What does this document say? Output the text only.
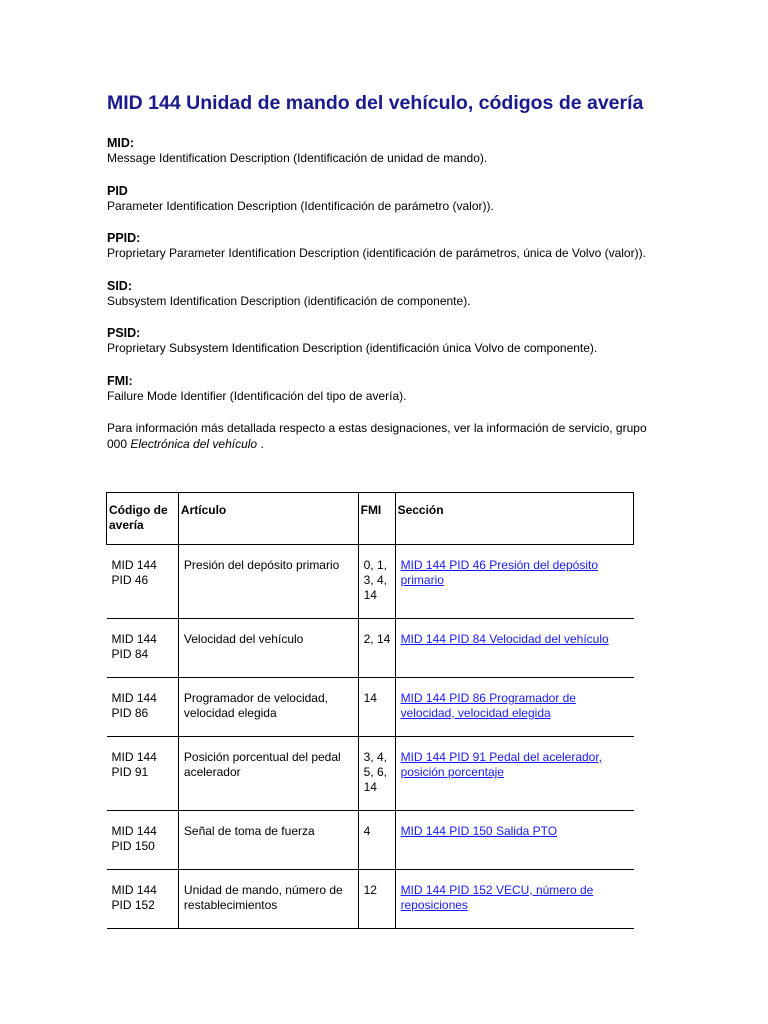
MID 144 Unidad de mando del vehículo, códigos de avería
MID:
Message Identification Description (Identificación de unidad de mando).
PID
Parameter Identification Description (Identificación de parámetro (valor)).
PPID:
Proprietary Parameter Identification Description (identificación de parámetros, única de Volvo (valor)).
SID:
Subsystem Identification Description (identificación de componente).
PSID:
Proprietary Subsystem Identification Description (identificación única Volvo de componente).
FMI:
Failure Mode Identifier (Identificación del tipo de avería).
Para información más detallada respecto a estas designaciones, ver la información de servicio, grupo 000 Electrónica del vehículo .
Código de avería	Artículo	FMI	Sección

MID 144
PID 46	Presión del depósito primario	0, 1, 3, 4, 14	MID 144 PID 46 Presión del depósito primario

MID 144
PID 84	Velocidad del vehículo	2, 14	MID 144 PID 84 Velocidad del vehículo

MID 144
PID 86	Programador de velocidad, velocidad elegida	14	MID 144 PID 86 Programador de velocidad, velocidad elegida

MID 144
PID 91	Posición porcentual del pedal acelerador	3, 4, 5, 6, 14	MID 144 PID 91 Pedal del acelerador, posición porcentaje

MID 144
PID 150	Señal de toma de fuerza	4	MID 144 PID 150 Salida PTO

MID 144
PID 152	Unidad de mando, número de restablecimientos	12	MID 144 PID 152 VECU, número de reposiciones
